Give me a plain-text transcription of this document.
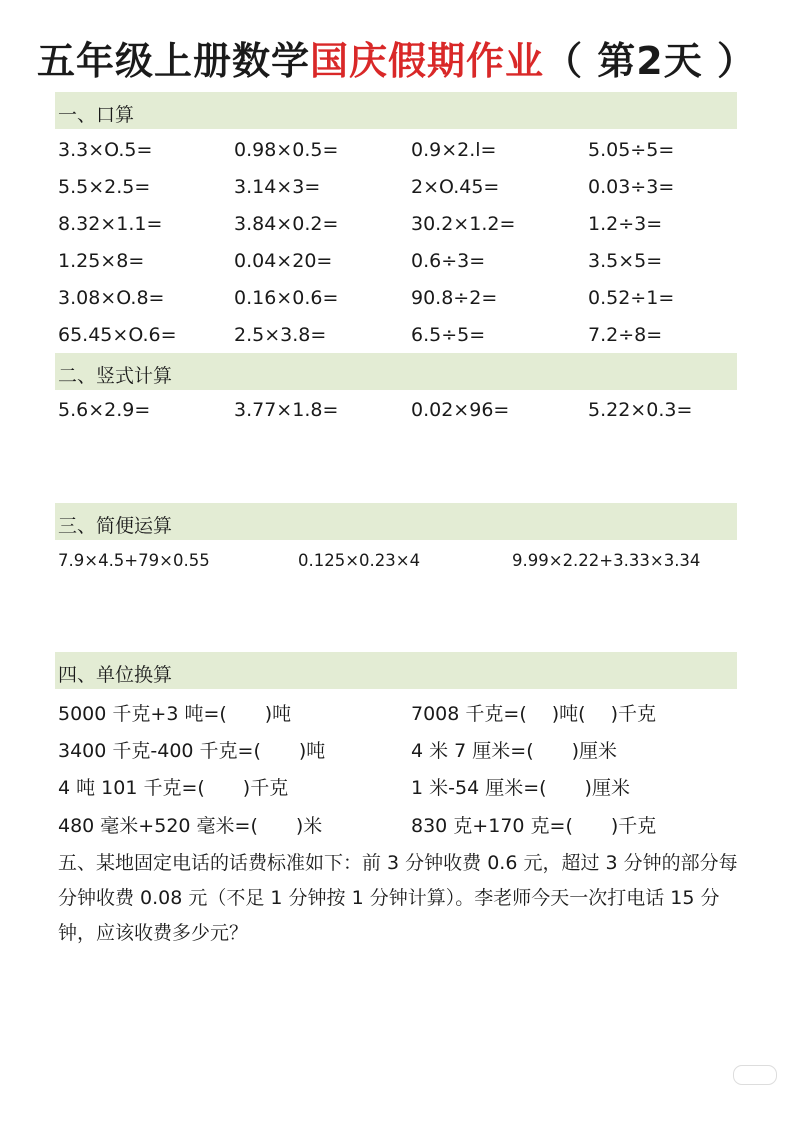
五年级上册数学国庆假期作业（ 第2天 ）
一、口算
3.3×O.5=	0.98×0.5=	0.9×2.l=	5.05÷5=
5.5×2.5=	3.14×3=	2×O.45=	0.03÷3=
8.32×1.1=	3.84×0.2=	30.2×1.2=	1.2÷3=
1.25×8=	0.04×20=	0.6÷3=	3.5×5=
3.08×O.8=	0.16×0.6=	90.8÷2=	0.52÷1=
65.45×O.6=	2.5×3.8=	6.5÷5=	7.2÷8=
二、竖式计算
5.6×2.9=	3.77×1.8=	0.02×96=	5.22×0.3=
三、简便运算
7.9×4.5+79×0.55	0.125×0.23×4	9.99×2.22+3.33×3.34
四、单位换算
5000 千克+3 吨=(　　)吨	7008 千克=(　 )吨(　 )千克
3400 千克-400 千克=(　　)吨	4 米 7 厘米=(　　)厘米
4 吨 101 千克=(　　)千克	1 米-54 厘米=(　　)厘米
480 毫米+520 毫米=(　　)米	830 克+170 克=(　　)千克
五、某地固定电话的话费标准如下：前 3 分钟收费 0.6 元，超过 3 分钟的部分每分钟收费 0.08 元（不足 1 分钟按 1 分钟计算）。李老师今天一次打电话 15 分钟，应该收费多少元？
